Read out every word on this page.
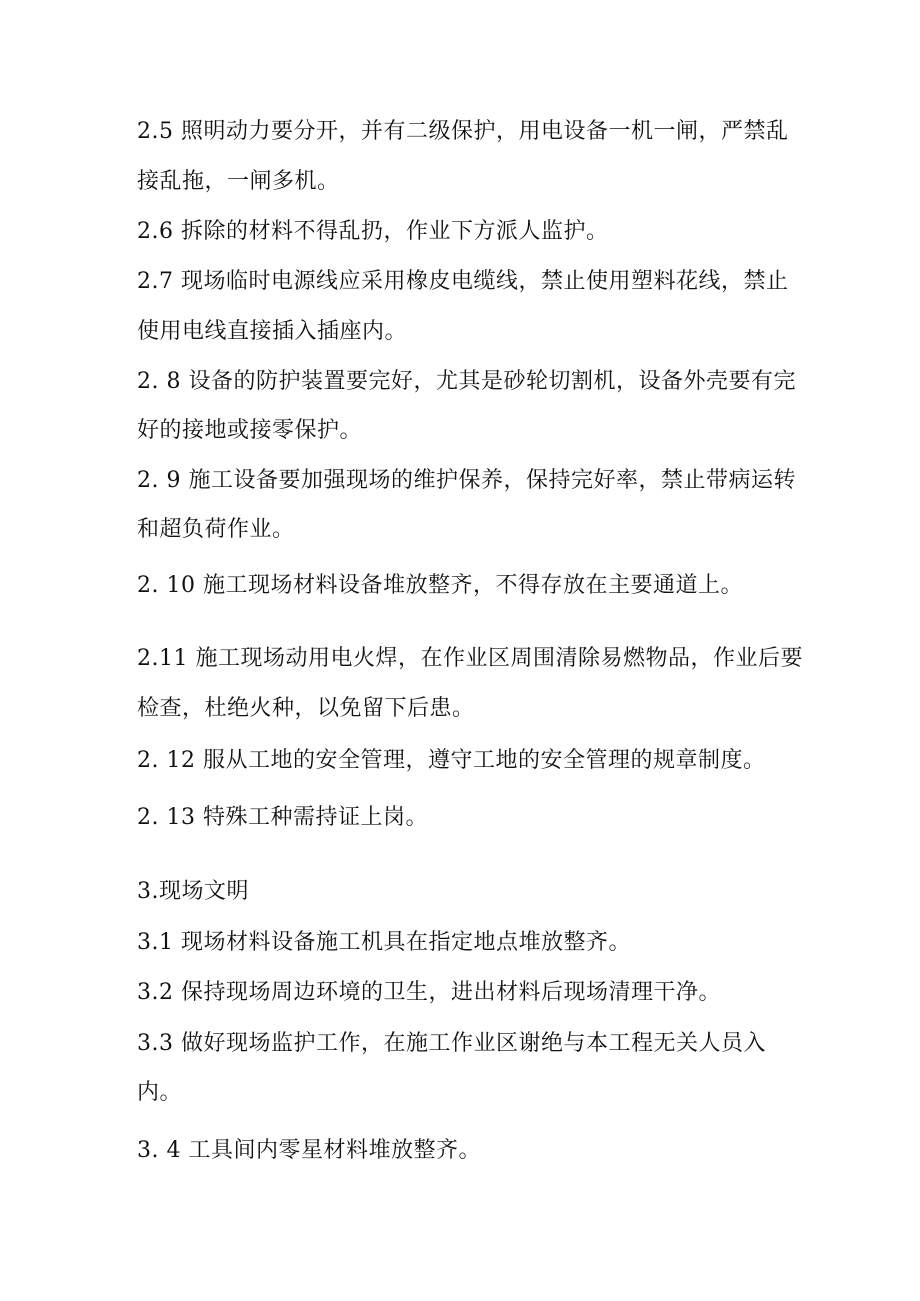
2.5 照明动力要分开，并有二级保护，用电设备一机一闸，严禁乱
接乱拖，一闸多机。
2.6 拆除的材料不得乱扔，作业下方派人监护。
2.7 现场临时电源线应采用橡皮电缆线，禁止使用塑料花线，禁止
使用电线直接插入插座内。
2. 8 设备的防护装置要完好，尤其是砂轮切割机，设备外壳要有完
好的接地或接零保护。
2. 9 施工设备要加强现场的维护保养，保持完好率，禁止带病运转
和超负荷作业。
2. 10 施工现场材料设备堆放整齐，不得存放在主要通道上。
2.11 施工现场动用电火焊，在作业区周围清除易燃物品，作业后要
检查，杜绝火种，以免留下后患。
2. 12 服从工地的安全管理，遵守工地的安全管理的规章制度。
2. 13 特殊工种需持证上岗。
3.现场文明
3.1 现场材料设备施工机具在指定地点堆放整齐。
3.2 保持现场周边环境的卫生，进出材料后现场清理干净。
3.3 做好现场监护工作，在施工作业区谢绝与本工程无关人员入
内。
3. 4 工具间内零星材料堆放整齐。
